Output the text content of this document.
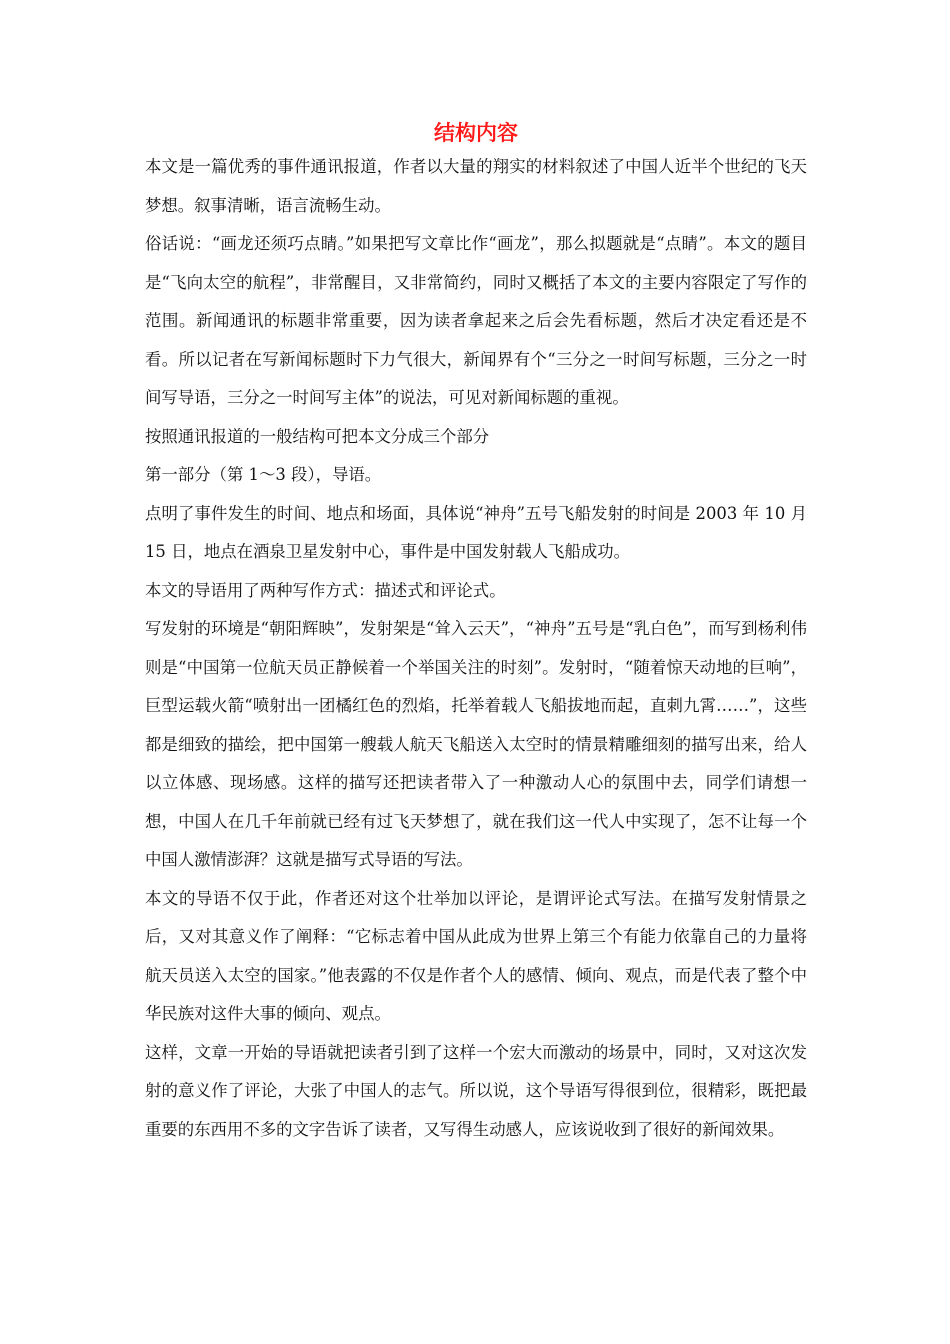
结构内容

本文是一篇优秀的事件通讯报道，作者以大量的翔实的材料叙述了中国人近半个世纪的飞天梦想。叙事清晰，语言流畅生动。

俗话说：“画龙还须巧点睛。”如果把写文章比作“画龙”，那么拟题就是“点睛”。本文的题目是“飞向太空的航程”，非常醒目，又非常简约，同时又概括了本文的主要内容限定了写作的范围。新闻通讯的标题非常重要，因为读者拿起来之后会先看标题，然后才决定看还是不看。所以记者在写新闻标题时下力气很大，新闻界有个“三分之一时间写标题，三分之一时间写导语，三分之一时间写主体”的说法，可见对新闻标题的重视。

按照通讯报道的一般结构可把本文分成三个部分

第一部分（第 1～3 段），导语。

点明了事件发生的时间、地点和场面，具体说“神舟”五号飞船发射的时间是 2003 年 10 月 15 日，地点在酒泉卫星发射中心，事件是中国发射载人飞船成功。

本文的导语用了两种写作方式：描述式和评论式。

写发射的环境是“朝阳辉映”，发射架是“耸入云天”，“神舟”五号是“乳白色”，而写到杨利伟则是“中国第一位航天员正静候着一个举国关注的时刻”。发射时，“随着惊天动地的巨响”，巨型运载火箭“喷射出一团橘红色的烈焰，托举着载人飞船拔地而起，直刺九霄……”，这些都是细致的描绘，把中国第一艘载人航天飞船送入太空时的情景精雕细刻的描写出来，给人以立体感、现场感。这样的描写还把读者带入了一种激动人心的氛围中去，同学们请想一想，中国人在几千年前就已经有过飞天梦想了，就在我们这一代人中实现了，怎不让每一个中国人激情澎湃？这就是描写式导语的写法。

本文的导语不仅于此，作者还对这个壮举加以评论，是谓评论式写法。在描写发射情景之后，又对其意义作了阐释：“它标志着中国从此成为世界上第三个有能力依靠自己的力量将航天员送入太空的国家。”他表露的不仅是作者个人的感情、倾向、观点，而是代表了整个中华民族对这件大事的倾向、观点。

这样，文章一开始的导语就把读者引到了这样一个宏大而激动的场景中，同时，又对这次发射的意义作了评论，大张了中国人的志气。所以说，这个导语写得很到位，很精彩，既把最重要的东西用不多的文字告诉了读者，又写得生动感人，应该说收到了很好的新闻效果。
